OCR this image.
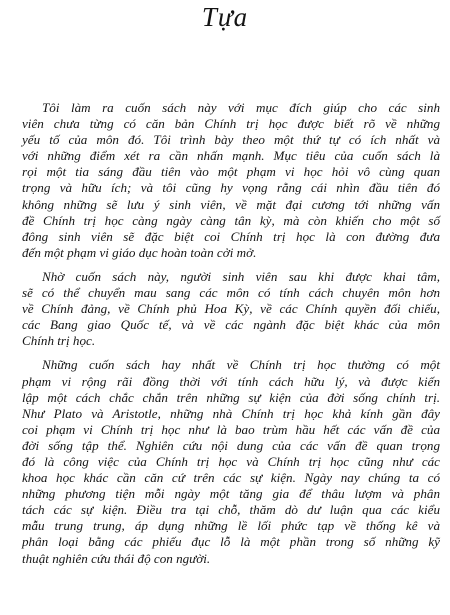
Tựa

Tôi làm ra cuốn sách này với mục đích giúp cho các sinh
viên chưa từng có căn bản Chính trị học được biết rõ về những
yếu tố của môn đó. Tôi trình bày theo một thứ tự có ích nhất và
với những điểm xét ra cần nhấn mạnh. Mục tiêu của cuốn sách là
rọi một tia sáng đầu tiên vào một phạm vi học hỏi vô cùng quan
trọng và hữu ích; và tôi cũng hy vọng rằng cái nhìn đầu tiên đó
không những sẽ lưu ý sinh viên, về mặt đại cương tới những vấn
đề Chính trị học càng ngày càng tân kỳ, mà còn khiến cho một số
đông sinh viên sẽ đặc biệt coi Chính trị học là con đường đưa
đến một phạm vi giáo dục hoàn toàn cởi mở.

Nhờ cuốn sách này, người sinh viên sau khi được khai tâm,
sẽ có thể chuyển mau sang các môn có tính cách chuyên môn hơn
về Chính đảng, về Chính phủ Hoa Kỳ, về các Chính quyền đối chiếu,
các Bang giao Quốc tế, và về các ngành đặc biệt khác của môn
Chính trị học.

Những cuốn sách hay nhất về Chính trị học thường có một
phạm vi rộng rãi đồng thời với tính cách hữu lý, và được kiến
lập một cách chắc chắn trên những sự kiện của đời sống chính trị.
Như Plato và Aristotle, những nhà Chính trị học khả kính gần đây
coi phạm vi Chính trị học như là bao trùm hầu hết các vấn đề của
đời sống tập thể. Nghiên cứu nội dung của các vấn đề quan trọng
đó là công việc của Chính trị học và Chính trị học cũng như các
khoa học khác cần căn cứ trên các sự kiện. Ngày nay chúng ta có
những phương tiện mỗi ngày một tăng gia để thâu lượm và phân
tách các sự kiện. Điều tra tại chỗ, thăm dò dư luận qua các kiểu
mẫu trung trung, áp dụng những lề lối phức tạp về thống kê và
phân loại bằng các phiếu đục lỗ là một phần trong số những kỹ
thuật nghiên cứu thái độ con người.
